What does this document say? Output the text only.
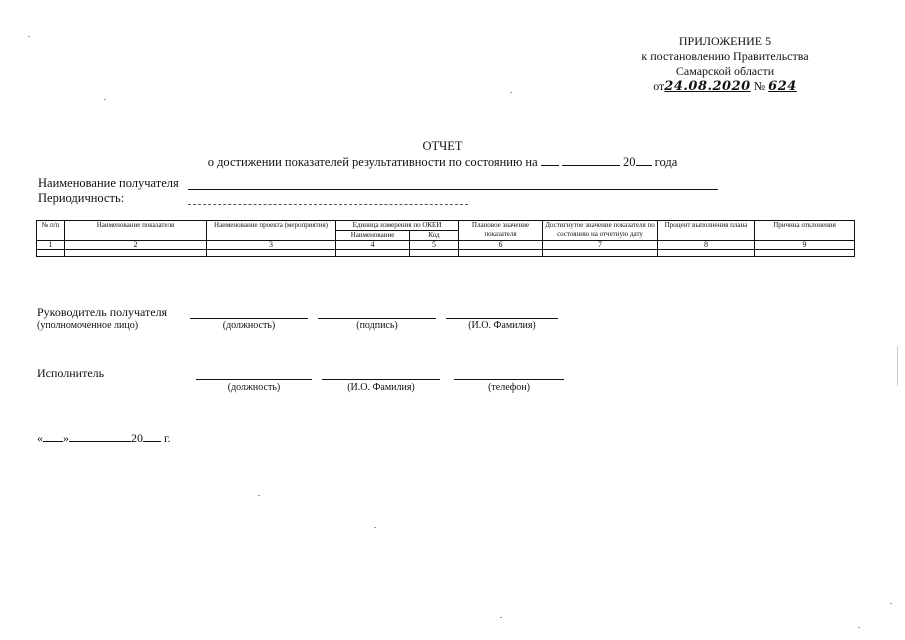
ПРИЛОЖЕНИЕ 5
к постановлению Правительства
Самарской области
от24.08.2020 № 624
ОТЧЕТ
о достижении показателей результативности по состоянию на	20 года
Наименование получателя
Периодичность:
№ п/п	Наименование показателя	Наименование проекта (мероприятия)	Единица измерения по ОКЕИ		Плановое значение показателя	Достигнутое значение показателя по состоянию на отчетную дату	Процент выполнения плана	Причина отклонения
			Наименование	Код				
1	2	3	4	5	6	7	8	9

Руководитель получателя
(уполномоченное лицо)	(должность)	(подпись)	(И.О. Фамилия)
Исполнитель
(должность)	(И.О. Фамилия)	(телефон)
« »	20 г.
